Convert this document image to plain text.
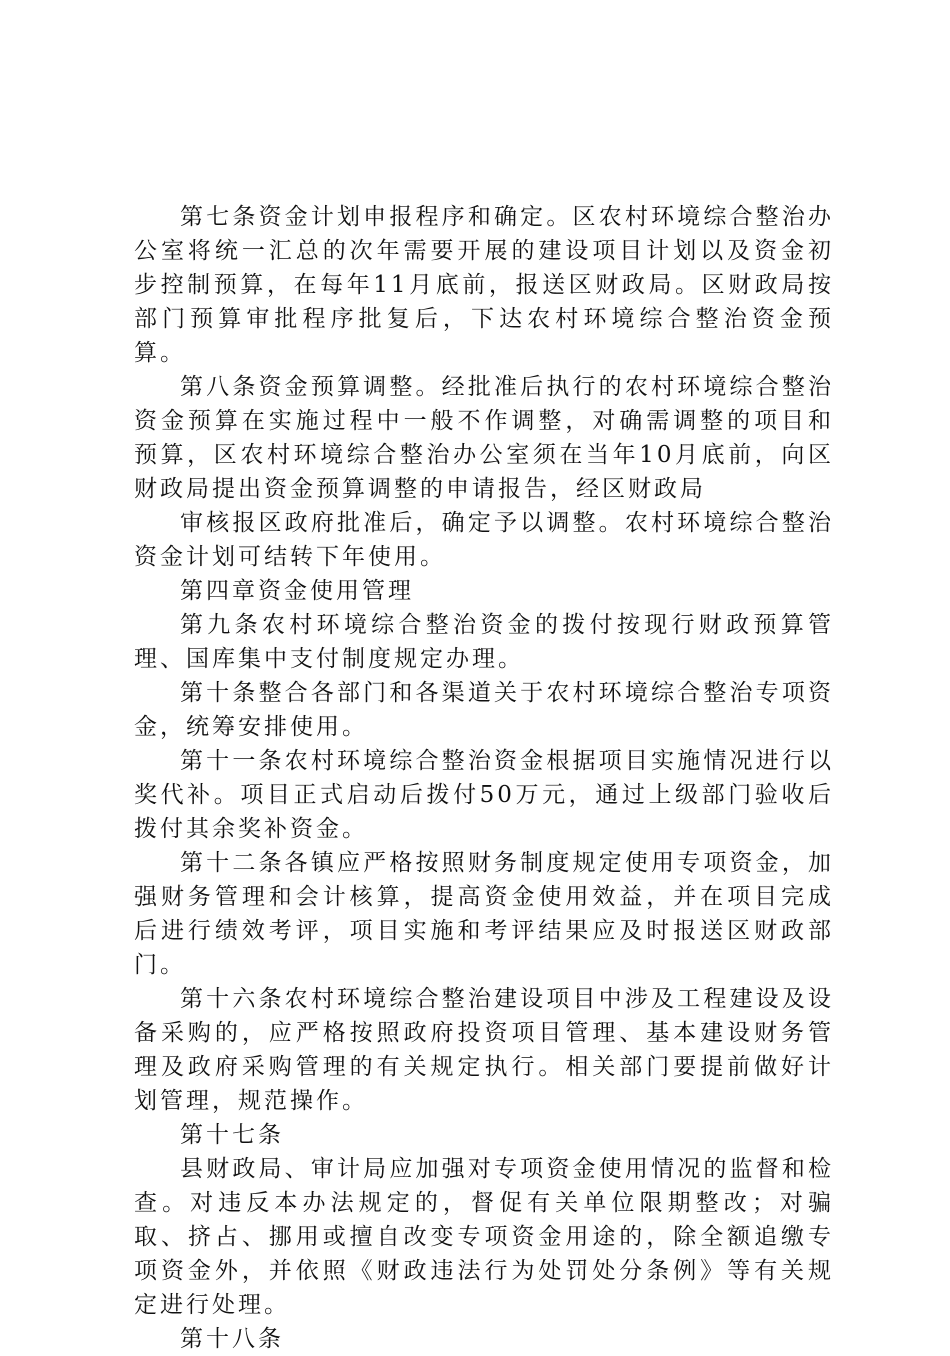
第七条资金计划申报程序和确定。区农村环境综合整治办公室将统一汇总的次年需要开展的建设项目计划以及资金初步控制预算，在每年11月底前，报送区财政局。区财政局按部门预算审批程序批复后，下达农村环境综合整治资金预算。

第八条资金预算调整。经批准后执行的农村环境综合整治资金预算在实施过程中一般不作调整，对确需调整的项目和预算，区农村环境综合整治办公室须在当年10月底前，向区财政局提出资金预算调整的申请报告，经区财政局

审核报区政府批准后，确定予以调整。农村环境综合整治资金计划可结转下年使用。

第四章资金使用管理

第九条农村环境综合整治资金的拨付按现行财政预算管理、国库集中支付制度规定办理。

第十条整合各部门和各渠道关于农村环境综合整治专项资金，统筹安排使用。

第十一条农村环境综合整治资金根据项目实施情况进行以奖代补。项目正式启动后拨付50万元，通过上级部门验收后拨付其余奖补资金。

第十二条各镇应严格按照财务制度规定使用专项资金，加强财务管理和会计核算，提高资金使用效益，并在项目完成后进行绩效考评，项目实施和考评结果应及时报送区财政部门。

第十六条农村环境综合整治建设项目中涉及工程建设及设备采购的，应严格按照政府投资项目管理、基本建设财务管理及政府采购管理的有关规定执行。相关部门要提前做好计划管理，规范操作。

第十七条

县财政局、审计局应加强对专项资金使用情况的监督和检查。对违反本办法规定的，督促有关单位限期整改；对骗取、挤占、挪用或擅自改变专项资金用途的，除全额追缴专项资金外，并依照《财政违法行为处罚处分条例》等有关规定进行处理。

第十八条
